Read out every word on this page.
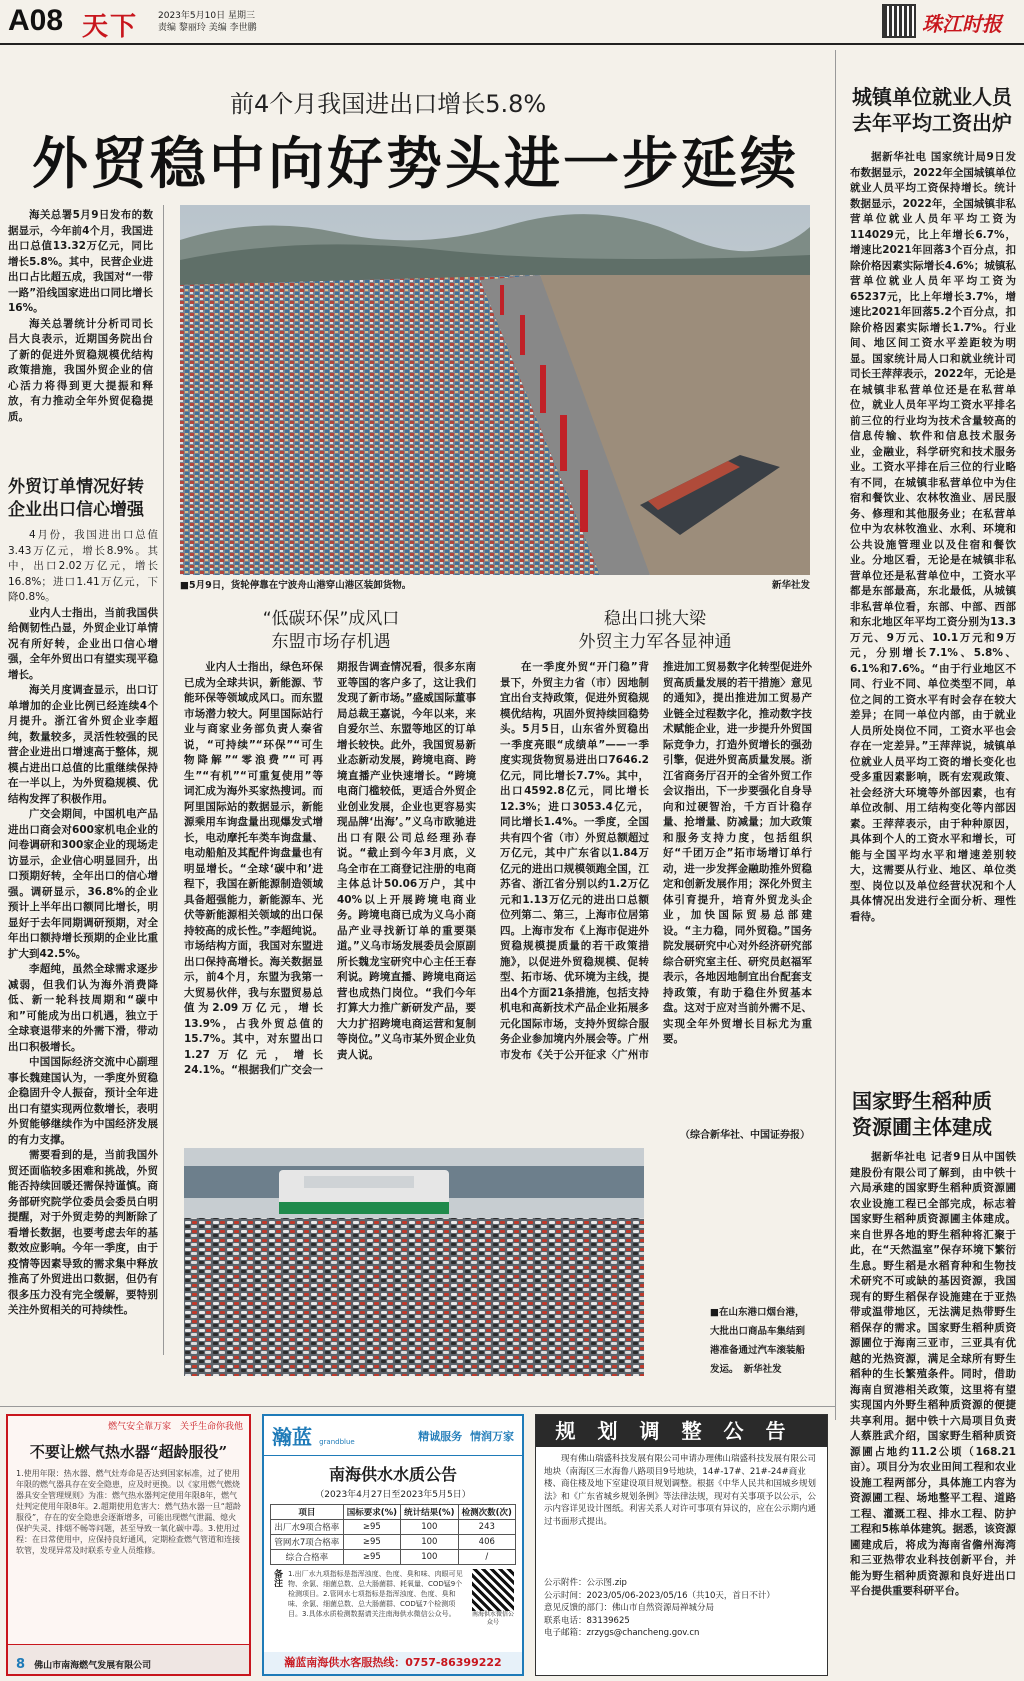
A08 天下 2023年5月10日 星期三
责编 黎丽玲 美编 李世鹏	珠江时报
前4个月我国进出口增长5.8%
外贸稳中向好势头进一步延续

海关总署5月9日发布的数据显示，今年前4个月，我国进出口总值13.32万亿元，同比增长5.8%。其中，民营企业进出口占比超五成，我国对“一带一路”沿线国家进出口同比增长16%。

海关总署统计分析司司长吕大良表示，近期国务院出台了新的促进外贸稳规模优结构政策措施，我国外贸企业的信心活力将得到更大提振和释放，有力推动全年外贸促稳提质。

外贸订单情况好转
企业出口信心增强

4月份，我国进出口总值3.43万亿元，增长8.9%。其中，出口2.02万亿元，增长16.8%；进口1.41万亿元，下降0.8%。

业内人士指出，当前我国供给侧韧性凸显，外贸企业订单情况有所好转，企业出口信心增强，全年外贸出口有望实现平稳增长。

海关月度调查显示，出口订单增加的企业比例已经连续4个月提升。浙江省外贸企业李超纯，数量较多，灵活性较强的民营企业进出口增速高于整体，规模占进出口总值的比重继续保持在一半以上，为外贸稳规模、优结构发挥了积极作用。

广交会期间，中国机电产品进出口商会对600家机电企业的问卷调研和300家企业的现场走访显示，企业信心明显回升，出口预期好转，全年出口的信心增强。调研显示，36.8%的企业预计上半年出口额同比增长，明显好于去年同期调研预期，对全年出口额持增长预期的企业比重扩大到42.5%。

李超纯，虽然全球需求逐步减弱，但我们认为海外消费降低、新一轮科技周期和“碳中和”可能成为出口机遇，独立于全球衰退带来的外需下滑，带动出口积极增长。

中国国际经济交流中心副理事长魏建国认为，一季度外贸稳企稳固升令人振奋，预计全年进出口有望实现两位数增长，表明外贸能够继续作为中国经济发展的有力支撑。

需要看到的是，当前我国外贸还面临较多困难和挑战，外贸能否持续回暖还需保持谨慎。商务部研究院学位委员会委员白明提醒，对于外贸走势的判断除了看增长数据，也要考虑去年的基数效应影响。今年一季度，由于疫情等因素导致的需求集中释放推高了外贸进出口数据，但仍有很多压力没有完全缓解，要特别关注外贸相关的可持续性。

■5月9日，货轮停靠在宁波舟山港穿山港区装卸货物。	新华社发
“低碳环保”成风口
东盟市场存机遇

业内人士指出，绿色环保已成为全球共识，新能源、节能环保等领域成风口。而东盟市场潜力较大。阿里国际站行业与商家业务部负责人秦省说，“可持续”“环保”“可生物降解”“零浪费”“可再生”“有机”“可重复使用”等词汇成为海外买家热搜词。而阿里国际站的数据显示，新能源乘用车询盘量出现爆发式增长，电动摩托车类车询盘量、电动船舶及其配件询盘量也有明显增长。“全球‘碳中和’进程下，我国在新能源制造领域具备超强能力，新能源车、光伏等新能源相关领域的出口保持较高的成长性。”李超纯说。市场结构方面，我国对东盟进出口保持高增长。海关数据显示，前4个月，东盟为我第一大贸易伙伴，我与东盟贸易总值为2.09万亿元，增长13.9%，占我外贸总值的15.7%。其中，对东盟出口1.27万亿元，增长24.1%。“根据我们广交会一期报告调查情况看，很多东南亚等国的客户多了，这让我们发现了新市场。”盛威国际董事局总裁王嘉说，今年以来，来自爱尔兰、东盟等地区的订单增长较快。此外，我国贸易新业态新动发展，跨境电商、跨境直播产业快速增长。“跨境电商门槛较低，更适合外贸企业创业发展，企业也更容易实现品牌‘出海’。”义乌市欧驰进出口有限公司总经理孙春说。“截止到今年3月底，义乌全市在工商登记注册的电商主体总计50.06万户，其中40%以上开展跨境电商业务。跨境电商已成为义乌小商品产业寻找新订单的重要渠道。”义乌市场发展委员会原副所长魏龙宝研究中心主任王春利说。跨境直播、跨境电商运营也成热门岗位。“我们今年打算大力推广新研发产品，要大力扩招跨境电商运营和复制等岗位。”义乌市某外贸企业负责人说。

稳出口挑大梁
外贸主力军各显神通

在一季度外贸“开门稳”背景下，外贸主力省（市）因地制宜出台支持政策，促进外贸稳规模优结构，巩固外贸持续回稳势头。5月5日，山东省外贸稳出一季度亮眼“成绩单”——一季度实现货物贸易进出口7646.2亿元，同比增长7.7%。其中，出口4592.8亿元，同比增长12.3%；进口3053.4亿元，同比增长1.4%。一季度，全国共有四个省（市）外贸总额超过万亿元，其中广东省以1.84万亿元的进出口规模领跑全国，江苏省、浙江省分别以约1.2万亿元和1.13万亿元的进出口总额位列第二、第三，上海市位居第四。上海市发布《上海市促进外贸稳规模提质量的若干政策措施》，以促进外贸稳规模、促转型、拓市场、优环境为主线，提出4个方面21条措施，包括支持机电和高新技术产品企业拓展多元化国际市场，支持外贸综合服务企业参加境内外展会等。广州市发布《关于公开征求〈广州市推进加工贸易数字化转型促进外贸高质量发展的若干措施〉意见的通知》，提出推进加工贸易产业链全过程数字化，推动数字技术赋能企业，进一步提升外贸国际竞争力，打造外贸增长的强劲引擎，促进外贸高质量发展。浙江省商务厅召开的全省外贸工作会议指出，下一步要强化自身导向和过硬智治，千方百计稳存量、抢增量、防减量；加大政策和服务支持力度，包括组织好“千团万企”拓市场增订单行动，进一步发挥金融助推外贸稳定和创新发展作用；深化外贸主体引育提升，培育外贸龙头企业，加快国际贸易总部建设。“主力稳，同外贸稳。”国务院发展研究中心对外经济研究部综合研究室主任、研究员赵福军表示，各地因地制宜出台配套支持政策，有助于稳住外贸基本盘。这对于应对当前外需不足、实现全年外贸增长目标尤为重要。

（综合新华社、中国证券报）
■在山东港口烟台港，大批出口商品车集结到港准备通过汽车滚装船发运。 新华社发
城镇单位就业人员
去年平均工资出炉

据新华社电 国家统计局9日发布数据显示，2022年全国城镇单位就业人员平均工资保持增长。统计数据显示，2022年，全国城镇非私营单位就业人员年平均工资为114029元，比上年增长6.7%，增速比2021年回落3个百分点，扣除价格因素实际增长4.6%；城镇私营单位就业人员年平均工资为65237元，比上年增长3.7%，增速比2021年回落5.2个百分点，扣除价格因素实际增长1.7%。行业间、地区间工资水平差距较为明显。国家统计局人口和就业统计司司长王萍萍表示，2022年，无论是在城镇非私营单位还是在私营单位，就业人员年平均工资水平排名前三位的行业均为技术含量较高的信息传输、软件和信息技术服务业，金融业，科学研究和技术服务业。工资水平排在后三位的行业略有不同，在城镇非私营单位中为住宿和餐饮业、农林牧渔业、居民服务、修理和其他服务业；在私营单位中为农林牧渔业、水利、环境和公共设施管理业以及住宿和餐饮业。分地区看，无论是在城镇非私营单位还是私营单位中，工资水平都是东部最高，东北最低，从城镇非私营单位看，东部、中部、西部和东北地区年平均工资分别为13.3万元、9万元、10.1万元和9万元，分别增长7.1%、5.8%、6.1%和7.6%。“由于行业地区不同、行业不同、单位类型不同，单位之间的工资水平有时会存在较大差异；在同一单位内部，由于就业人员所处岗位不同，工资水平也会存在一定差异。”王萍萍说，城镇单位就业人员平均工资的增长变化也受多重因素影响，既有宏观政策、社会经济大环境等外部因素，也有单位改制、用工结构变化等内部因素。王萍萍表示，由于种种原因，具体到个人的工资水平和增长，可能与全国平均水平和增速差别较大，这需要从行业、地区、单位类型、岗位以及单位经营状况和个人具体情况出发进行全面分析、理性看待。

国家野生稻种质
资源圃主体建成

据新华社电 记者9日从中国铁建股份有限公司了解到，由中铁十六局承建的国家野生稻种质资源圃农业设施工程已全部完成，标志着国家野生稻种质资源圃主体建成。来自世界各地的野生稻种将汇聚于此，在“天然温室”保存环境下繁衍生息。野生稻是水稻育种和生物技术研究不可或缺的基因资源，我国现有的野生稻保存设施建在于亚热带或温带地区，无法满足热带野生稻保存的需求。国家野生稻种质资源圃位于海南三亚市，三亚具有优越的光热资源，满足全球所有野生稻种的生长繁殖条件。同时，借助海南自贸港相关政策，这里将有望实现国内外野生稻种质资源的便捷共享利用。据中铁十六局项目负责人蔡胜武介绍，国家野生稻种质资源圃占地约11.2公顷（168.21亩）。项目分为农业田间工程和农业设施工程两部分，具体施工内容为资源圃工程、场地整平工程、道路工程、灌溉工程、排水工程、防护工程和5栋单体建筑。据悉，该资源圃建成后，将成为海南省儋州海湾和三亚热带农业科技创新平台，并能为野生稻种质资源和良好进出口平台提供重要科研平台。

燃气安全靠万家 关乎生命你我他
不要让燃气热水器“超龄服役”
1.使用年限：热水器、燃气灶寿命是否达到国家标准，过了使用年限的燃气器具存在安全隐患，应及时更换。以《家用燃气燃烧器具安全管理规则》为准：燃气热水器判定使用年限8年，燃气灶判定使用年限8年。2.超期使用危害大：燃气热水器一旦“超龄服役”，存在的安全隐患会逐渐增多，可能出现燃气泄漏、熄火保护失灵、排烟不畅等问题，甚至导致一氧化碳中毒。3.使用过程：在日常使用中，应保持良好通风，定期检查燃气管道和连接软管，发现异常及时联系专业人员维修。
8 佛山市南海燃气发展有限公司
瀚蓝 grandblue	精诚服务 情润万家
南海供水水质公告
（2023年4月27日至2023年5月5日）
项目	国标要求(%)	统计结果(%)	检测次数(次)
出厂水9项合格率	≥95	100	243
管网水7项合格率	≥95	100	406
综合合格率	≥95	100	/
备注 1.出厂水九项指标是指浑浊度、色度、臭和味、肉眼可见物、余氯、细菌总数、总大肠菌群、耗氧量、COD锰9个检测项目。2.管网水七项指标是指浑浊度、色度、臭和味、余氯、细菌总数、总大肠菌群、COD锰7个检测项目。3.具体水质检测数据请关注南海供水微信公众号。	南海供水微信公众号
瀚蓝南海供水客服热线：0757-86399222
规划调整公告
现有佛山瑞盛科技发展有限公司申请办理佛山瑞盛科技发展有限公司地块（南海区三水海鲁八路项目9号地块，14#-17#、21#-24#商业楼、商住楼及地下室建设项目规划调整。根据《中华人民共和国城乡规划法》和《广东省城乡规划条例》等法律法规，现对有关事项予以公示，公示内容详见设计图纸。利害关系人对许可事项有异议的，应在公示期内通过书面形式提出。
公示附件：公示图.zip
公示时间：2023/05/06-2023/05/16（共10天，首日不计）
意见反馈的部门：佛山市自然资源局禅城分局
联系电话：83139625
电子邮箱：zrzygs@chancheng.gov.cn
